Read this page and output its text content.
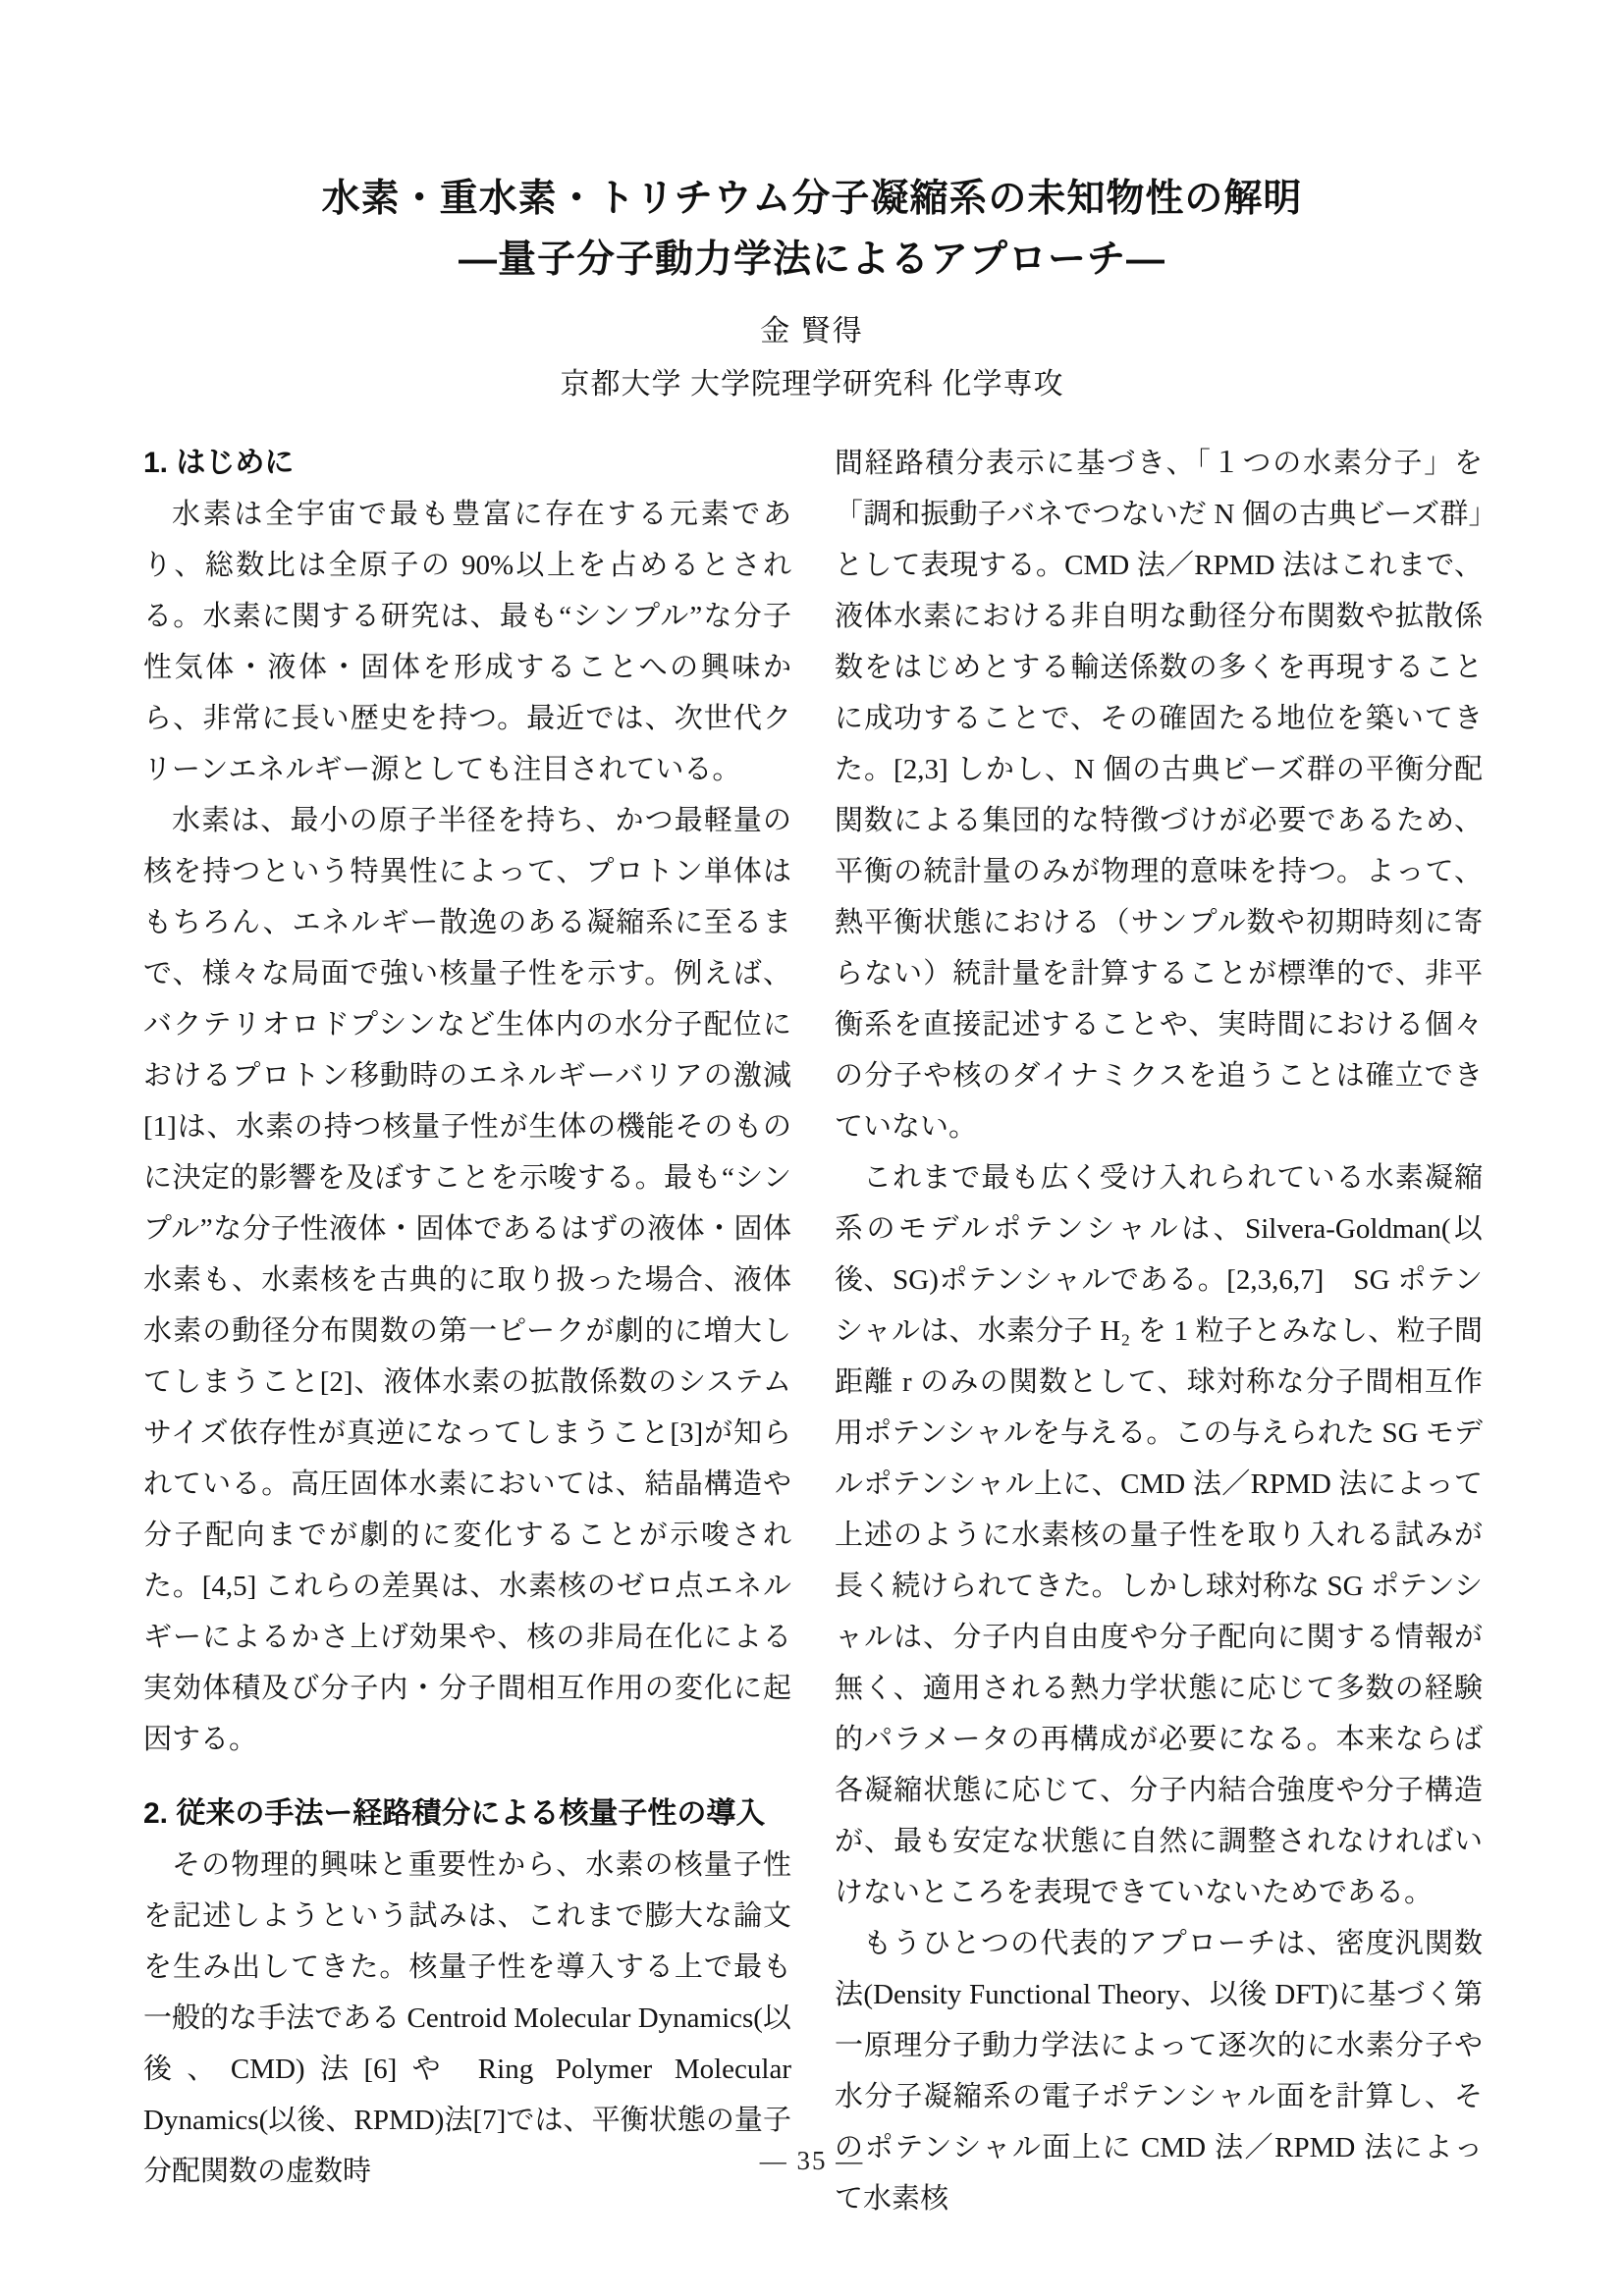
水素・重水素・トリチウム分子凝縮系の未知物性の解明
—量子分子動力学法によるアプローチ—
金 賢得
京都大学 大学院理学研究科 化学専攻
1. はじめに

水素は全宇宙で最も豊富に存在する元素であり、総数比は全原子の 90%以上を占めるとされる。水素に関する研究は、最も“シンプル”な分子性気体・液体・固体を形成することへの興味から、非常に長い歴史を持つ。最近では、次世代クリーンエネルギー源としても注目されている。

水素は、最小の原子半径を持ち、かつ最軽量の核を持つという特異性によって、プロトン単体はもちろん、エネルギー散逸のある凝縮系に至るまで、様々な局面で強い核量子性を示す。例えば、バクテリオロドプシンなど生体内の水分子配位におけるプロトン移動時のエネルギーバリアの激減[1]は、水素の持つ核量子性が生体の機能そのものに決定的影響を及ぼすことを示唆する。最も“シンプル”な分子性液体・固体であるはずの液体・固体水素も、水素核を古典的に取り扱った場合、液体水素の動径分布関数の第一ピークが劇的に増大してしまうこと[2]、液体水素の拡散係数のシステムサイズ依存性が真逆になってしまうこと[3]が知られている。高圧固体水素においては、結晶構造や分子配向までが劇的に変化することが示唆された。[4,5] これらの差異は、水素核のゼロ点エネルギーによるかさ上げ効果や、核の非局在化による実効体積及び分子内・分子間相互作用の変化に起因する。

2. 従来の手法ー経路積分による核量子性の導入

その物理的興味と重要性から、水素の核量子性を記述しようという試みは、これまで膨大な論文を生み出してきた。核量子性を導入する上で最も一般的な手法である Centroid Molecular Dynamics(以後、CMD)法[6]や Ring Polymer Molecular Dynamics(以後、RPMD)法[7]では、平衡状態の量子分配関数の虚数時

間経路積分表示に基づき、「１つの水素分子」を「調和振動子バネでつないだ N 個の古典ビーズ群」として表現する。CMD 法／RPMD 法はこれまで、液体水素における非自明な動径分布関数や拡散係数をはじめとする輸送係数の多くを再現することに成功することで、その確固たる地位を築いてきた。[2,3] しかし、N 個の古典ビーズ群の平衡分配関数による集団的な特徴づけが必要であるため、平衡の統計量のみが物理的意味を持つ。よって、熱平衡状態における（サンプル数や初期時刻に寄らない）統計量を計算することが標準的で、非平衡系を直接記述することや、実時間における個々の分子や核のダイナミクスを追うことは確立できていない。

これまで最も広く受け入れられている水素凝縮系のモデルポテンシャルは、Silvera-Goldman(以後、SG)ポテンシャルである。[2,3,6,7]　SG ポテンシャルは、水素分子 H₂ を 1 粒子とみなし、粒子間距離 r のみの関数として、球対称な分子間相互作用ポテンシャルを与える。この与えられた SG モデルポテンシャル上に、CMD 法／RPMD 法によって上述のように水素核の量子性を取り入れる試みが長く続けられてきた。しかし球対称な SG ポテンシャルは、分子内自由度や分子配向に関する情報が無く、適用される熱力学状態に応じて多数の経験的パラメータの再構成が必要になる。本来ならば各凝縮状態に応じて、分子内結合強度や分子構造が、最も安定な状態に自然に調整されなければいけないところを表現できていないためである。

もうひとつの代表的アプローチは、密度汎関数法(Density Functional Theory、以後 DFT)に基づく第一原理分子動力学法によって逐次的に水素分子や水分子凝縮系の電子ポテンシャル面を計算し、そのポテンシャル面上に CMD 法／RPMD 法によって水素核

— 35 —
